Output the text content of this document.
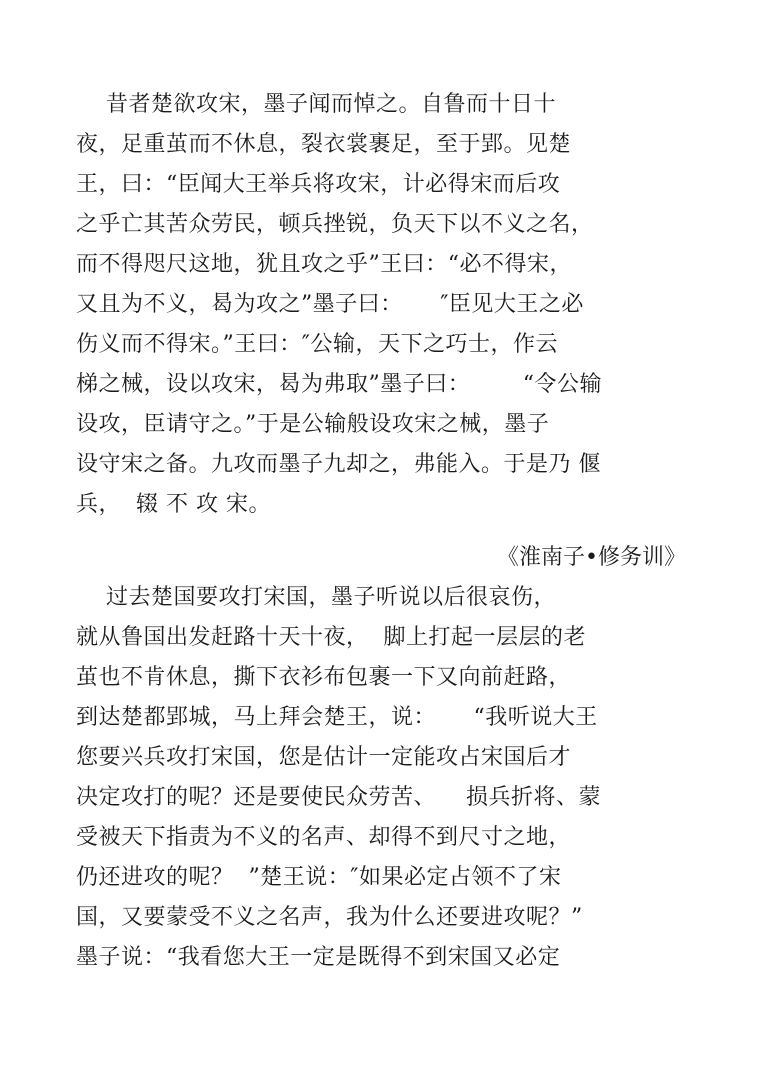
昔者楚欲攻宋，墨子闻而悼之。自鲁而十日十
夜，足重茧而不休息，裂衣裳裹足，至于郢。见楚
王，曰：“臣闻大王举兵将攻宋，计必得宋而后攻
之乎亡其苦众劳民，顿兵挫锐，负天下以不义之名，
而不得咫尺这地，犹且攻之乎”王曰：“必不得宋，
又且为不义，曷为攻之”墨子曰：     ″臣见大王之必
伤义而不得宋。”王曰：″公输，天下之巧士，作云
梯之械，设以攻宋，曷为弗取”墨子曰：       “令公输
设攻，臣请守之。”于是公输般设攻宋之械，墨子
设守宋之备。九攻而墨子九却之，弗能入。于是乃 偃
兵，  辍 不 攻 宋。
《淮南子•修务训》
过去楚国要攻打宋国，墨子听说以后很哀伤，
就从鲁国出发赶路十天十夜，  脚上打起一层层的老
茧也不肯休息，撕下衣衫布包裹一下又向前赶路，
到达楚都郢城，马上拜会楚王，说：     “我听说大王
您要兴兵攻打宋国，您是估计一定能攻占宋国后才
决定攻打的呢？还是要使民众劳苦、    损兵折将、蒙
受被天下指责为不义的名声、却得不到尺寸之地，
仍还进攻的呢？  ”楚王说：″如果必定占领不了宋
国，又要蒙受不义之名声，我为什么还要进攻呢？”
墨子说：“我看您大王一定是既得不到宋国又必定
